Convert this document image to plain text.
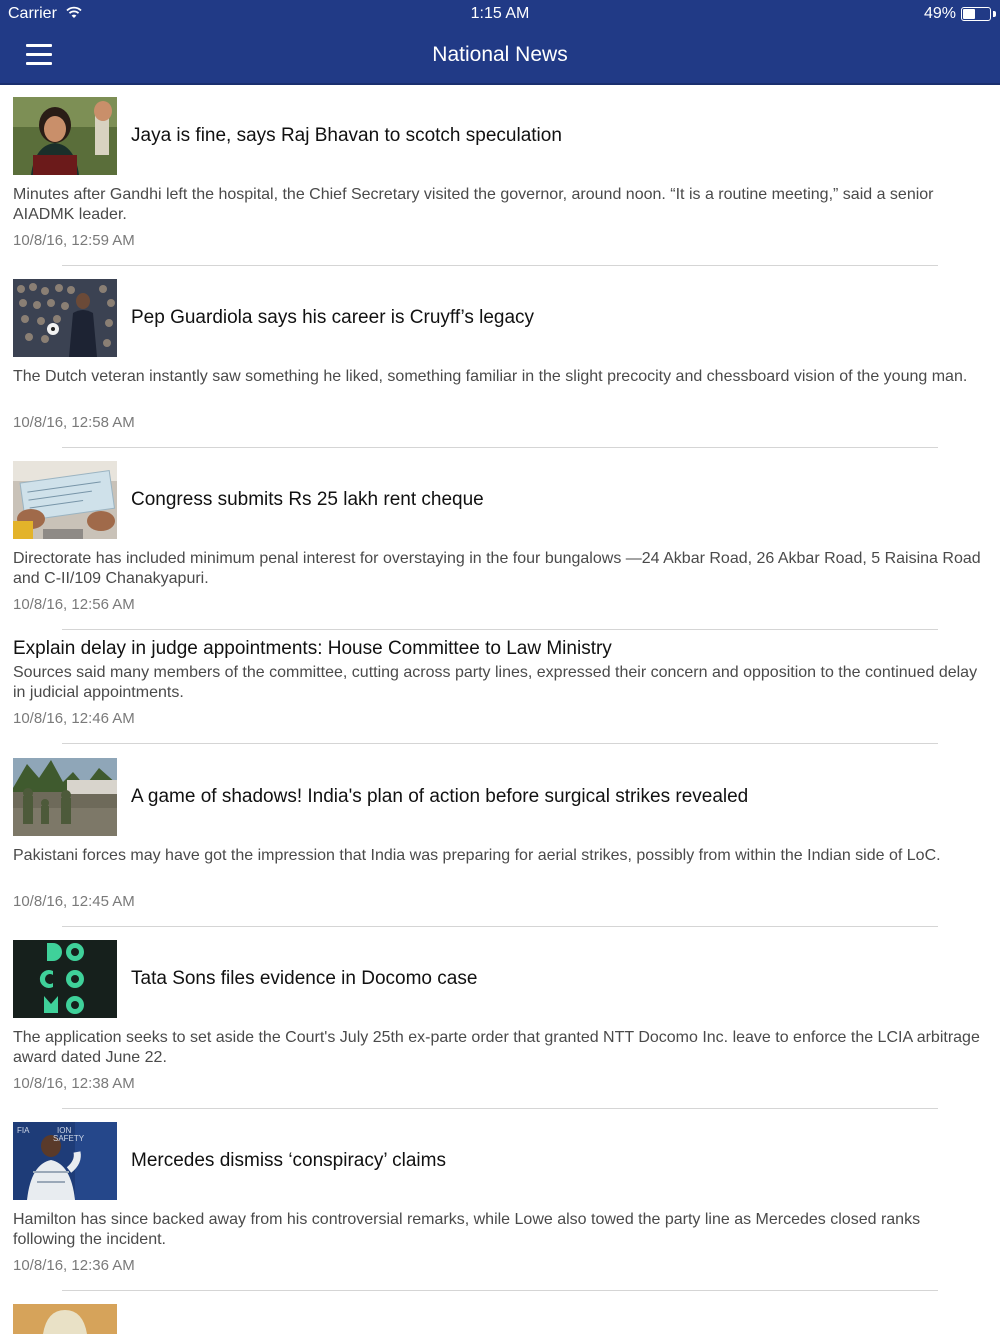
Carrier	1:15 AM	49%
National News
Jaya is fine, says Raj Bhavan to scotch speculation
Minutes after Gandhi left the hospital, the Chief Secretary visited the governor, around noon. “It is a routine meeting,” said a senior AIADMK leader.
10/8/16, 12:59 AM
Pep Guardiola says his career is Cruyff’s legacy
The Dutch veteran instantly saw something he liked, something familiar in the slight precocity and chessboard vision of the young man.
10/8/16, 12:58 AM
Congress submits Rs 25 lakh rent cheque
Directorate has included minimum penal interest for overstaying in the four bungalows —24 Akbar Road, 26 Akbar Road, 5 Raisina Road and C-II/109 Chanakyapuri.
10/8/16, 12:56 AM
Explain delay in judge appointments: House Committee to Law Ministry
Sources said many members of the committee, cutting across party lines, expressed their concern and opposition to the continued delay in judicial appointments.
10/8/16, 12:46 AM
A game of shadows! India's plan of action before surgical strikes revealed
Pakistani forces may have got the impression that India was preparing for aerial strikes, possibly from within the Indian side of LoC.
10/8/16, 12:45 AM
Tata Sons files evidence in Docomo case
The application seeks to set aside the Court's July 25th ex-parte order that granted NTT Docomo Inc. leave to enforce the LCIA arbitrage award dated June 22.
10/8/16, 12:38 AM
FIA	ION
SAFETY
Mercedes dismiss ‘conspiracy’ claims
Hamilton has since backed away from his controversial remarks, while Lowe also towed the party line as Mercedes closed ranks following the incident.
10/8/16, 12:36 AM
